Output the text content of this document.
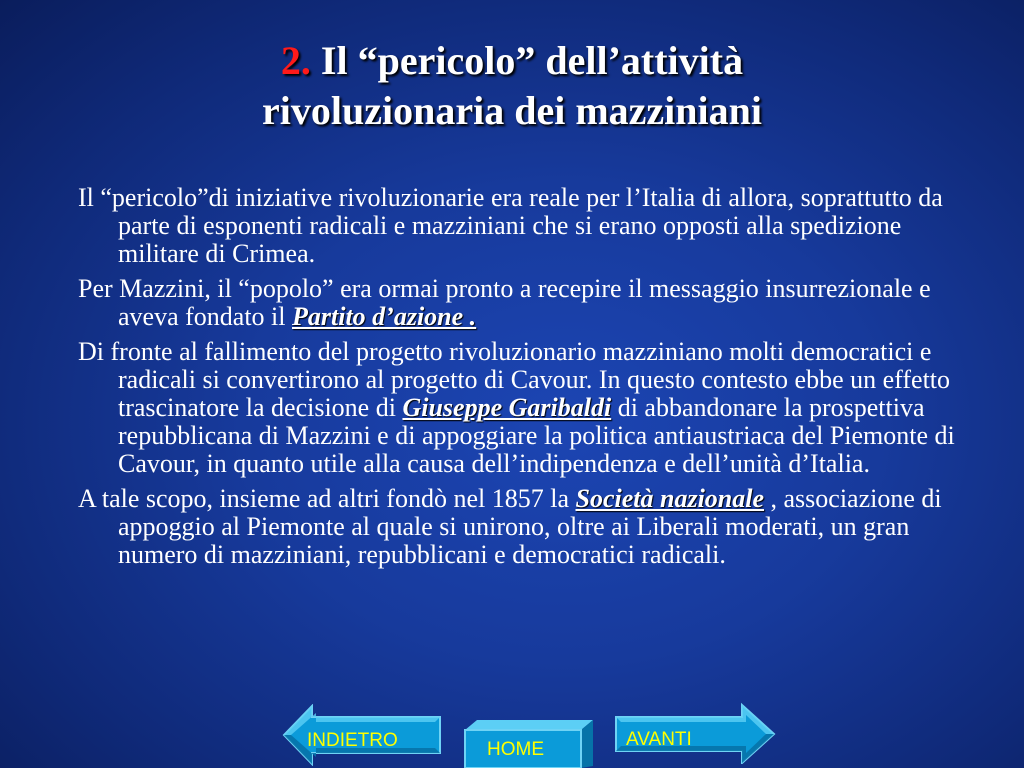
2. Il “pericolo” dell’attività
rivoluzionaria dei mazziniani

Il “pericolo”di iniziative rivoluzionarie era reale per l’Italia di allora, soprattutto da parte di esponenti radicali e mazziniani che si erano opposti alla spedizione militare di Crimea.

Per Mazzini, il “popolo” era ormai pronto a recepire il messaggio insurrezionale e aveva fondato il Partito d’azione .

Di fronte al fallimento del progetto rivoluzionario mazziniano molti democratici e radicali si convertirono al progetto di Cavour. In questo contesto ebbe un effetto trascinatore la decisione di Giuseppe Garibaldi di abbandonare la prospettiva repubblicana di Mazzini e di appoggiare la politica antiaustriaca del Piemonte di Cavour, in quanto utile alla causa dell’indipendenza e dell’unità d’Italia.

A tale scopo, insieme ad altri fondò nel 1857 la Società nazionale , associazione di appoggio al Piemonte al quale si unirono, oltre ai Liberali moderati, un gran numero di mazziniani, repubblicani e democratici radicali.

INDIETRO	HOME	AVANTI
